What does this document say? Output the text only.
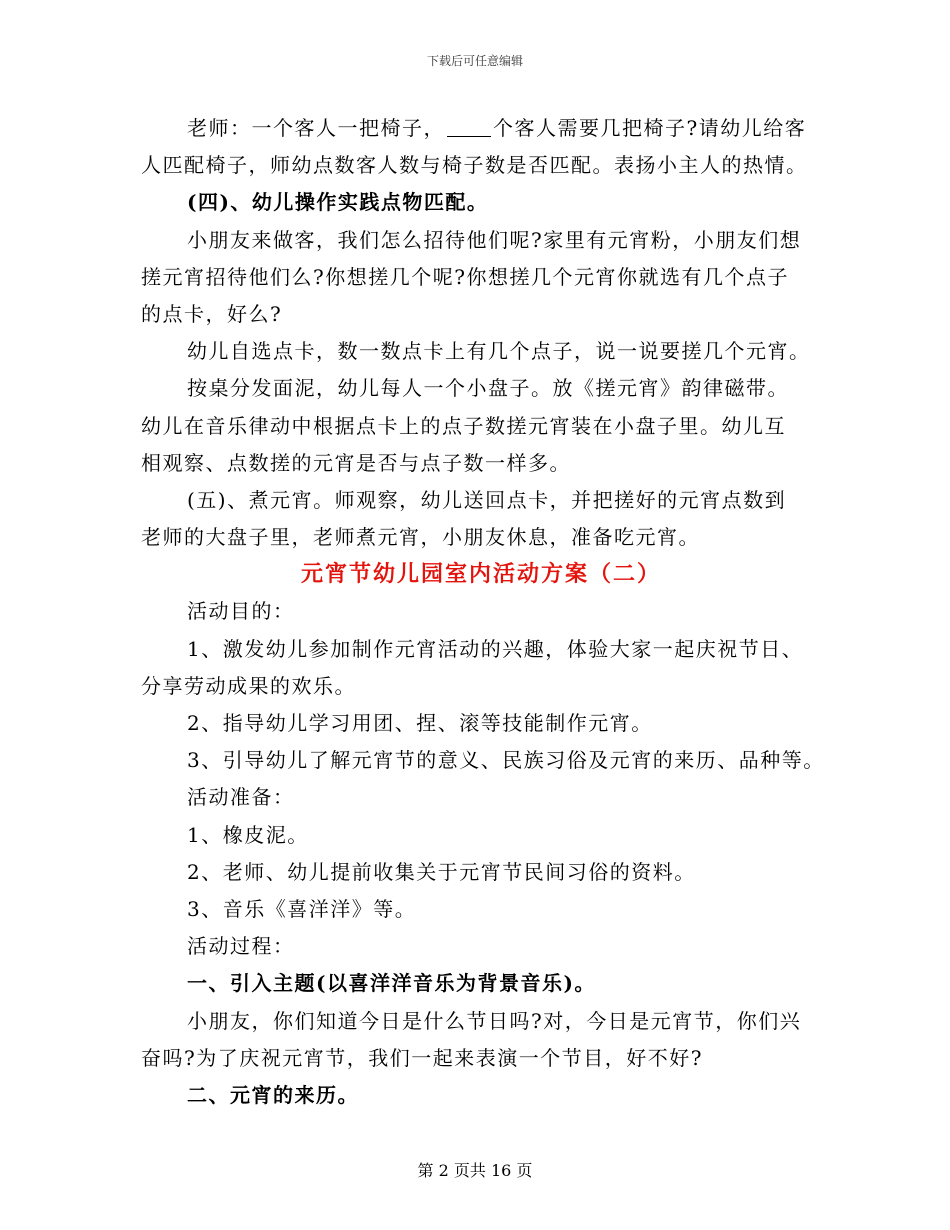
下载后可任意编辑
老师：一个客人一把椅子， 个客人需要几把椅子?请幼儿给客
人匹配椅子，师幼点数客人数与椅子数是否匹配。表扬小主人的热情。
(四)、幼儿操作实践点物匹配。
小朋友来做客，我们怎么招待他们呢?家里有元宵粉，小朋友们想
搓元宵招待他们么?你想搓几个呢?你想搓几个元宵你就选有几个点子
的点卡，好么?
幼儿自选点卡，数一数点卡上有几个点子，说一说要搓几个元宵。
按桌分发面泥，幼儿每人一个小盘子。放《搓元宵》韵律磁带。
幼儿在音乐律动中根据点卡上的点子数搓元宵装在小盘子里。幼儿互
相观察、点数搓的元宵是否与点子数一样多。
(五)、煮元宵。师观察，幼儿送回点卡，并把搓好的元宵点数到
老师的大盘子里，老师煮元宵，小朋友休息，准备吃元宵。
元宵节幼儿园室内活动方案（二）
活动目的：
1、激发幼儿参加制作元宵活动的兴趣，体验大家一起庆祝节日、
分享劳动成果的欢乐。
2、指导幼儿学习用团、捏、滚等技能制作元宵。
3、引导幼儿了解元宵节的意义、民族习俗及元宵的来历、品种等。
活动准备：
1、橡皮泥。
2、老师、幼儿提前收集关于元宵节民间习俗的资料。
3、音乐《喜洋洋》等。
活动过程：
一、引入主题(以喜洋洋音乐为背景音乐)。
小朋友，你们知道今日是什么节日吗?对，今日是元宵节，你们兴
奋吗?为了庆祝元宵节，我们一起来表演一个节目，好不好?
二、元宵的来历。
第 2 页共 16 页
